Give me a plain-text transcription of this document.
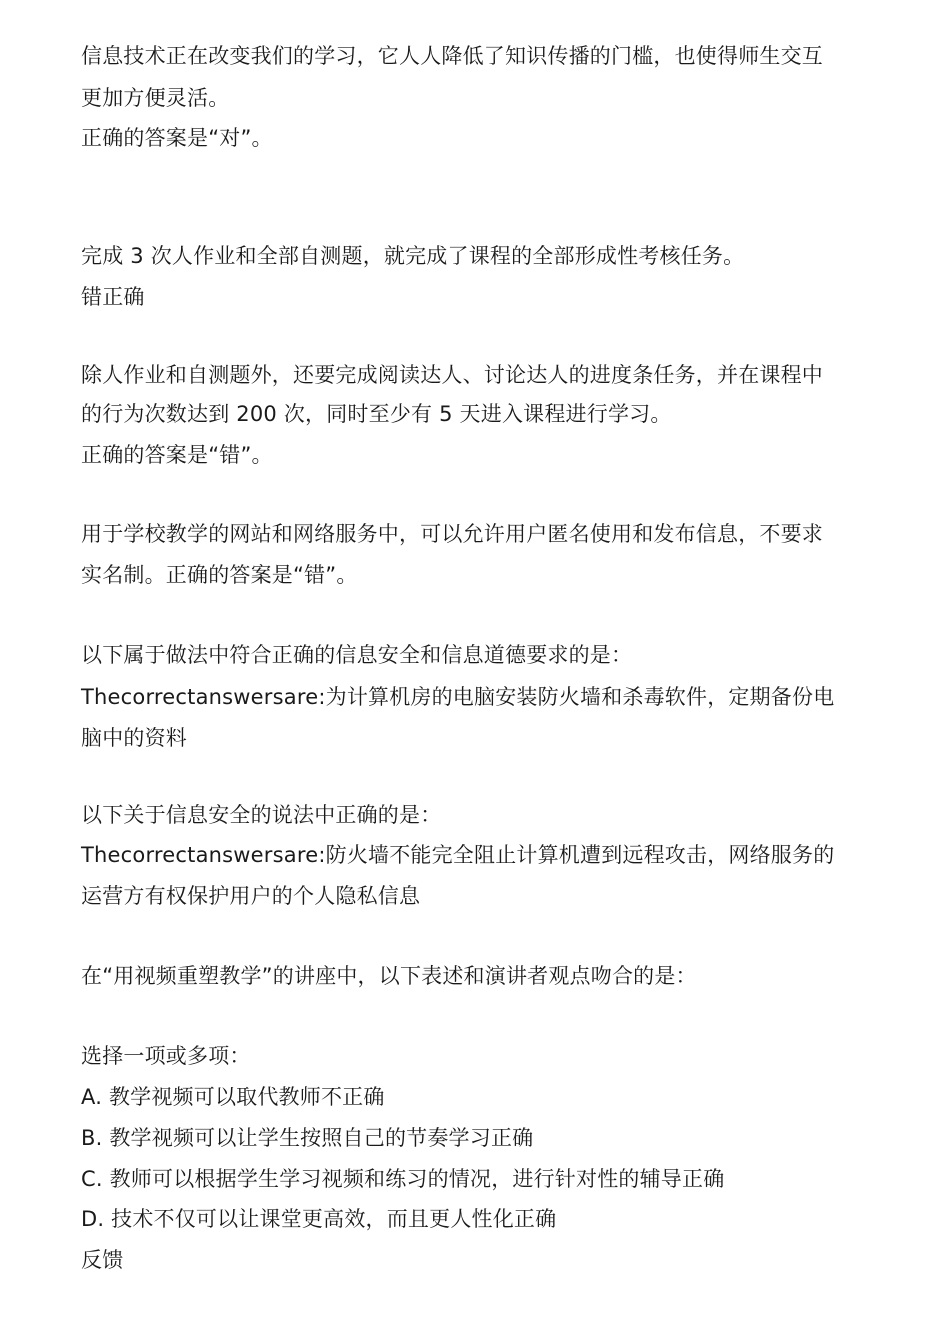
信息技术正在改变我们的学习，它人人降低了知识传播的门槛，也使得师生交互
更加方便灵活。
正确的答案是“对”。
完成 3 次人作业和全部自测题，就完成了课程的全部形成性考核任务。
错正确
除人作业和自测题外，还要完成阅读达人、讨论达人的进度条任务，并在课程中
的行为次数达到 200 次，同时至少有 5 天进入课程进行学习。
正确的答案是“错”。
用于学校教学的网站和网络服务中，可以允许用户匿名使用和发布信息，不要求
实名制。正确的答案是“错”。
以下属于做法中符合正确的信息安全和信息道德要求的是：
Thecorrectanswersare:为计算机房的电脑安装防火墙和杀毒软件，定期备份电
脑中的资料
以下关于信息安全的说法中正确的是：
Thecorrectanswersare:防火墙不能完全阻止计算机遭到远程攻击，网络服务的
运营方有权保护用户的个人隐私信息
在“用视频重塑教学”的讲座中，以下表述和演讲者观点吻合的是：
选择一项或多项：
A. 教学视频可以取代教师不正确
B. 教学视频可以让学生按照自己的节奏学习正确
C. 教师可以根据学生学习视频和练习的情况，进行针对性的辅导正确
D. 技术不仅可以让课堂更高效，而且更人性化正确
反馈
